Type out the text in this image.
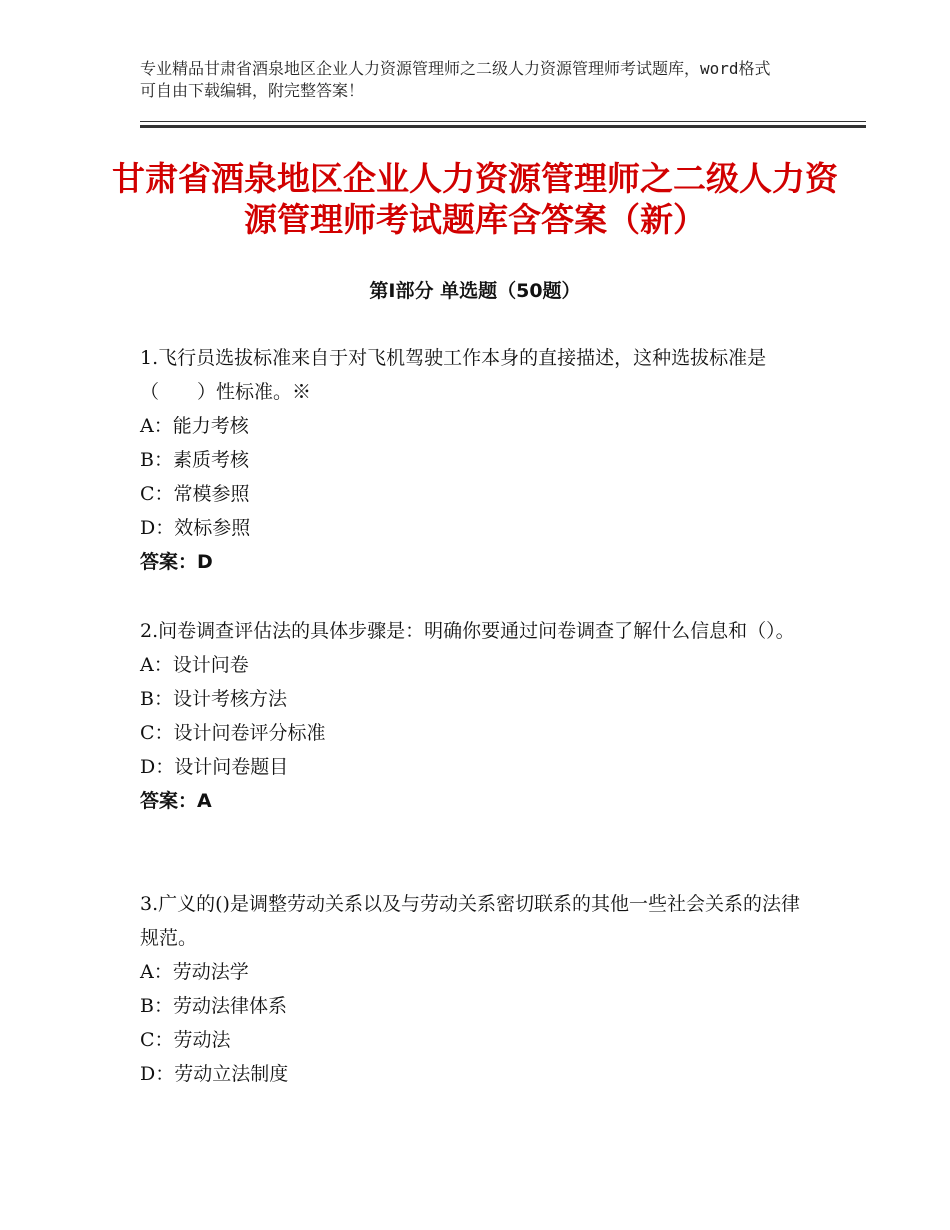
专业精品甘肃省酒泉地区企业人力资源管理师之二级人力资源管理师考试题库，word格式可自由下载编辑，附完整答案！
甘肃省酒泉地区企业人力资源管理师之二级人力资源管理师考试题库含答案（新）
第Ⅰ部分 单选题（50题）

1.飞行员选拔标准来自于对飞机驾驶工作本身的直接描述，这种选拔标准是（　　）性标准。※

A：能力考核
B：素质考核
C：常模参照
D：效标参照
答案：D

2.问卷调查评估法的具体步骤是：明确你要通过问卷调查了解什么信息和（）。

A：设计问卷
B：设计考核方法
C：设计问卷评分标准
D：设计问卷题目
答案：A

3.广义的()是调整劳动关系以及与劳动关系密切联系的其他一些社会关系的法律规范。

A：劳动法学
B：劳动法律体系
C：劳动法
D：劳动立法制度
